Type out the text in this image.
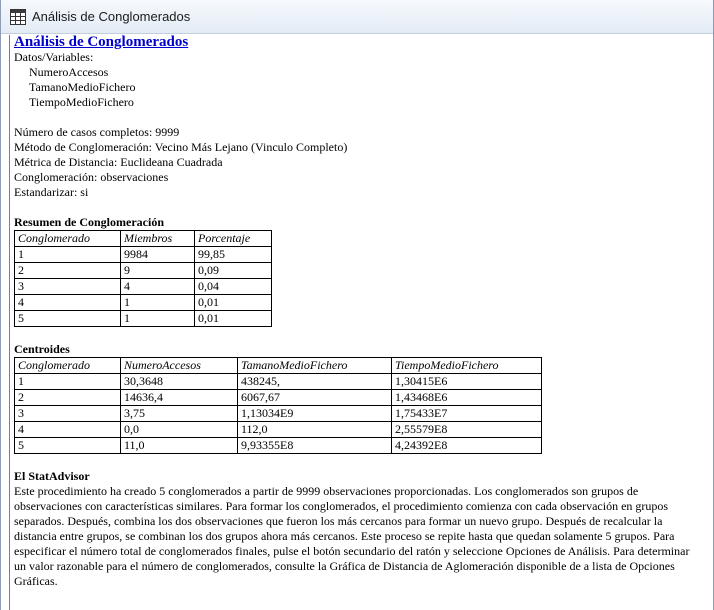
Análisis de Conglomerados
Análisis de Conglomerados
Datos/Variables:
NumeroAccesos
TamanoMedioFichero
TiempoMedioFichero
Número de casos completos: 9999
Método de Conglomeración: Vecino Más Lejano (Vinculo Completo)
Métrica de Distancia: Euclideana Cuadrada
Conglomeración: observaciones
Estandarizar: si
Resumen de Conglomeración
Conglomerado	Miembros	Porcentaje
1	9984	99,85
2	9	0,09
3	4	0,04
4	1	0,01
5	1	0,01
Centroides
Conglomerado	NumeroAccesos	TamanoMedioFichero	TiempoMedioFichero
1	30,3648	438245,	1,30415E6
2	14636,4	6067,67	1,43468E6
3	3,75	1,13034E9	1,75433E7
4	0,0	112,0	2,55579E8
5	11,0	9,93355E8	4,24392E8
El StatAdvisor
Este procedimiento ha creado 5 conglomerados a partir de 9999 observaciones proporcionadas. Los conglomerados son grupos de
observaciones con características similares. Para formar los conglomerados, el procedimiento comienza con cada observación en grupos
separados. Después, combina los dos observaciones que fueron los más cercanos para formar un nuevo grupo. Después de recalcular la
distancia entre grupos, se combinan los dos grupos ahora más cercanos. Este proceso se repite hasta que quedan solamente 5 grupos. Para
especificar el número total de conglomerados finales, pulse el botón secundario del ratón y seleccione Opciones de Análisis. Para determinar
un valor razonable para el número de conglomerados, consulte la Gráfica de Distancia de Aglomeración disponible de a lista de Opciones
Gráficas.
